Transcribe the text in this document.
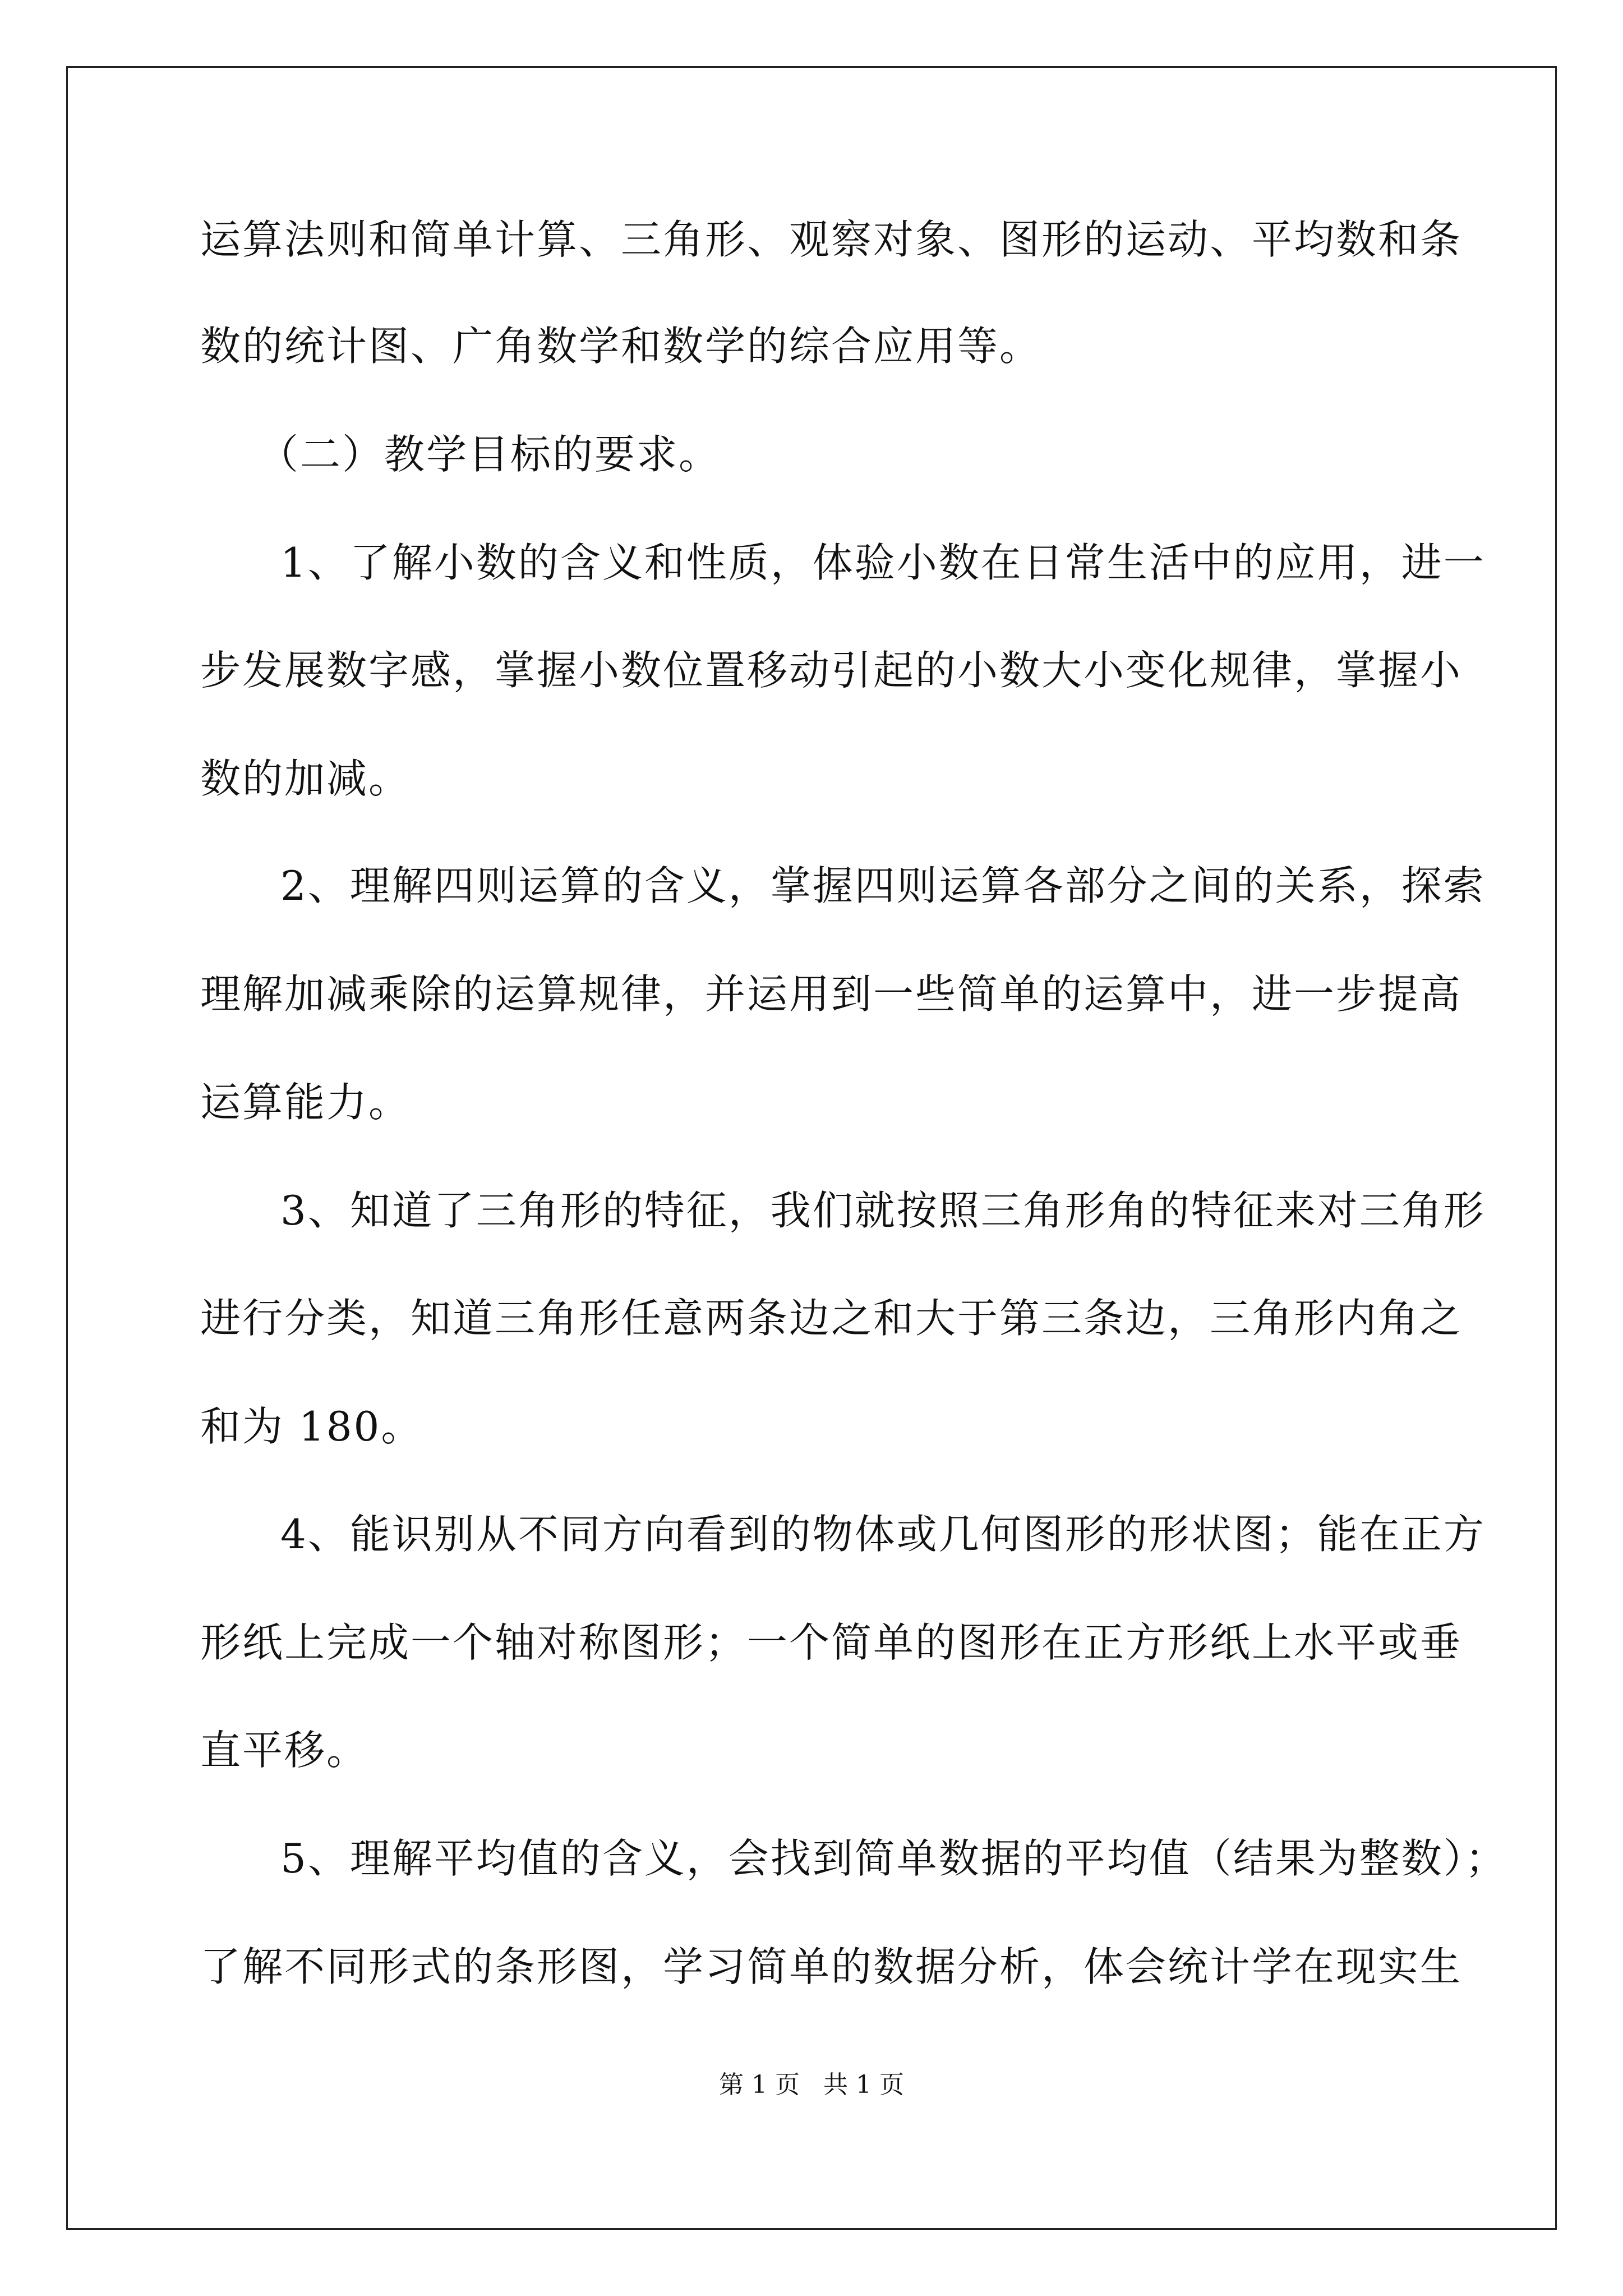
运算法则和简单计算、三角形、观察对象、图形的运动、平均数和条
数的统计图、广角数学和数学的综合应用等。
（二）教学目标的要求。
1、了解小数的含义和性质，体验小数在日常生活中的应用，进一
步发展数字感，掌握小数位置移动引起的小数大小变化规律，掌握小
数的加减。
2、理解四则运算的含义，掌握四则运算各部分之间的关系，探索
理解加减乘除的运算规律，并运用到一些简单的运算中，进一步提高
运算能力。
3、知道了三角形的特征，我们就按照三角形角的特征来对三角形
进行分类，知道三角形任意两条边之和大于第三条边，三角形内角之
和为 180。
4、能识别从不同方向看到的物体或几何图形的形状图；能在正方
形纸上完成一个轴对称图形；一个简单的图形在正方形纸上水平或垂
直平移。
5、理解平均值的含义，会找到简单数据的平均值（结果为整数）；
了解不同形式的条形图，学习简单的数据分析，体会统计学在现实生
第 1 页 共 1 页
